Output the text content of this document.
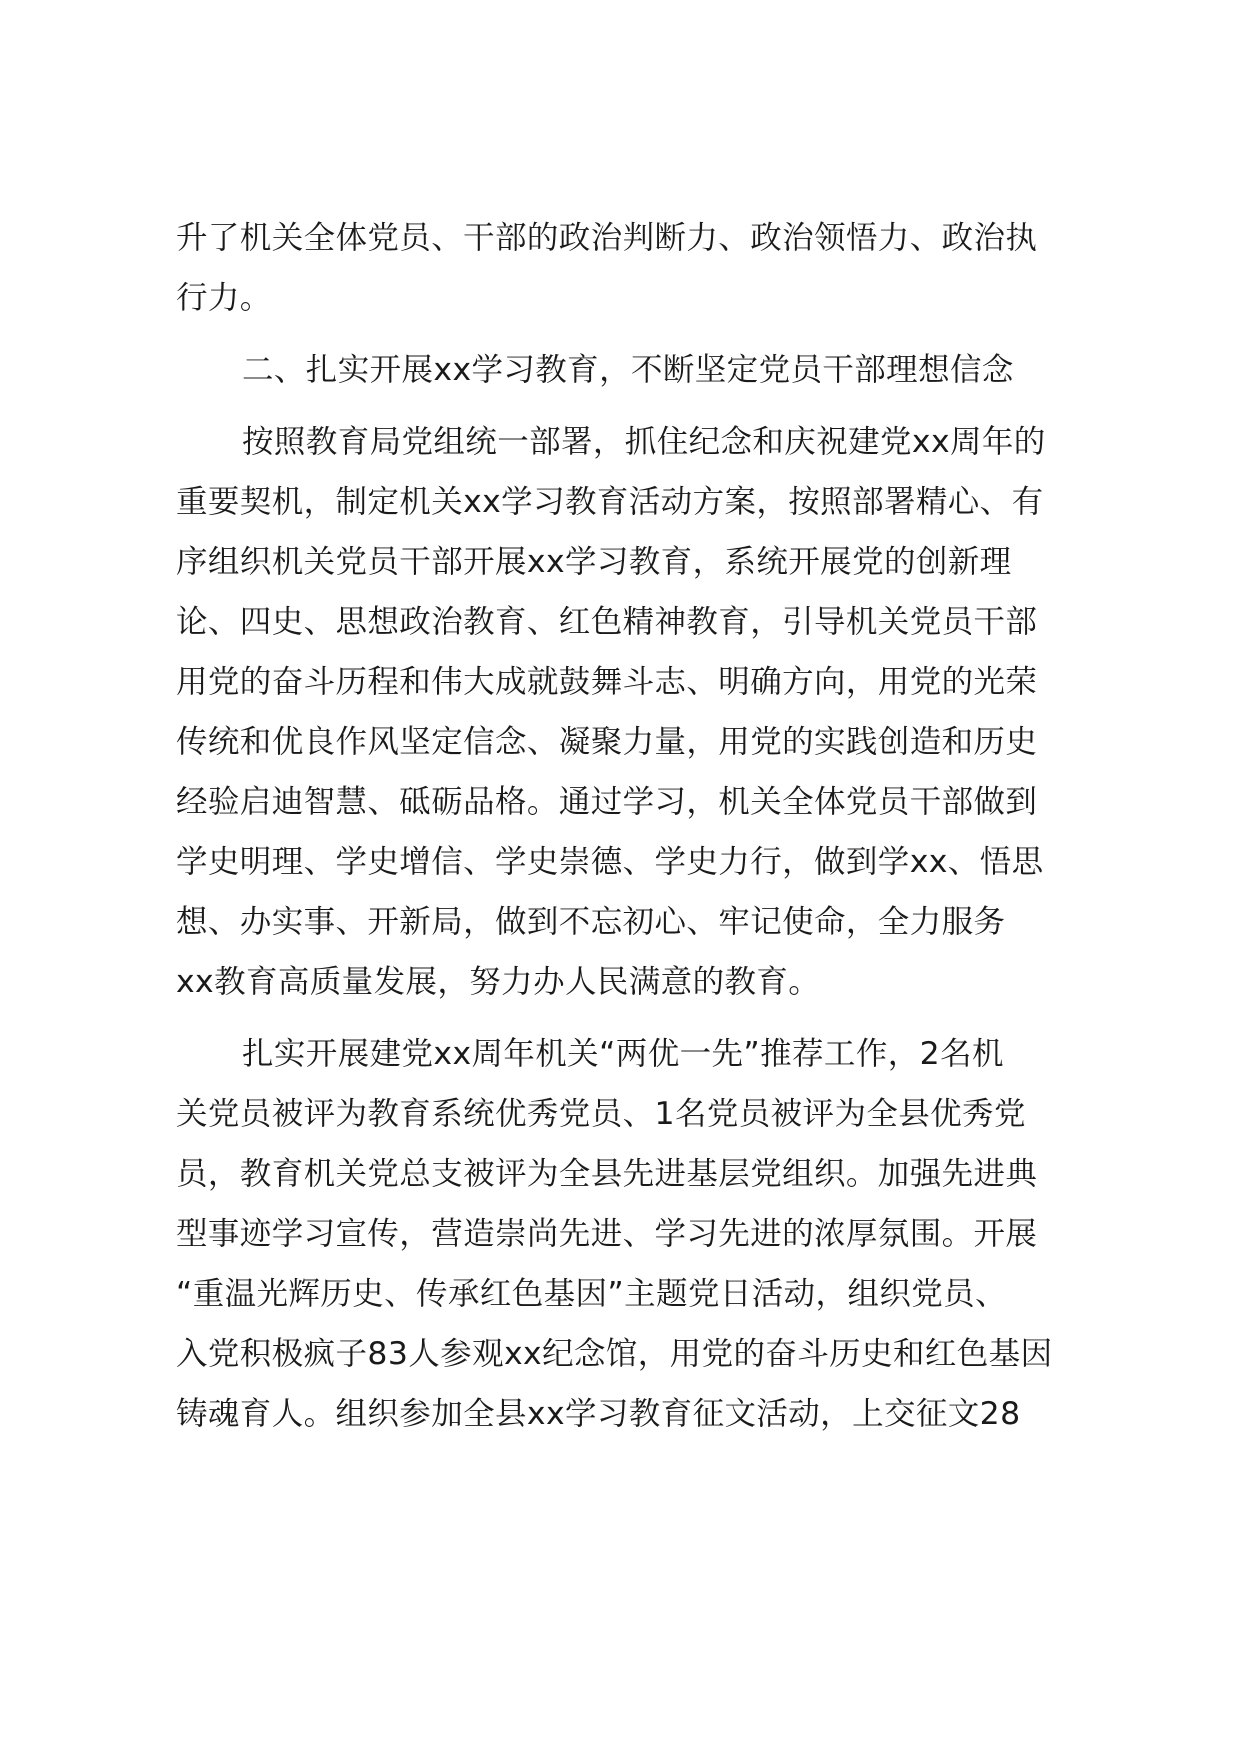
升了机关全体党员、干部的政治判断力、政治领悟力、政治执
行力。

二、扎实开展xx学习教育，不断坚定党员干部理想信念

按照教育局党组统一部署，抓住纪念和庆祝建党xx周年的
重要契机，制定机关xx学习教育活动方案，按照部署精心、有
序组织机关党员干部开展xx学习教育，系统开展党的创新理
论、四史、思想政治教育、红色精神教育，引导机关党员干部
用党的奋斗历程和伟大成就鼓舞斗志、明确方向，用党的光荣
传统和优良作风坚定信念、凝聚力量，用党的实践创造和历史
经验启迪智慧、砥砺品格。通过学习，机关全体党员干部做到
学史明理、学史增信、学史崇德、学史力行，做到学xx、悟思
想、办实事、开新局，做到不忘初心、牢记使命，全力服务
xx教育高质量发展，努力办人民满意的教育。

扎实开展建党xx周年机关“两优一先”推荐工作，2名机
关党员被评为教育系统优秀党员、1名党员被评为全县优秀党
员，教育机关党总支被评为全县先进基层党组织。加强先进典
型事迹学习宣传，营造崇尚先进、学习先进的浓厚氛围。开展
“重温光辉历史、传承红色基因”主题党日活动，组织党员、
入党积极疯子83人参观xx纪念馆，用党的奋斗历史和红色基因
铸魂育人。组织参加全县xx学习教育征文活动，上交征文28
